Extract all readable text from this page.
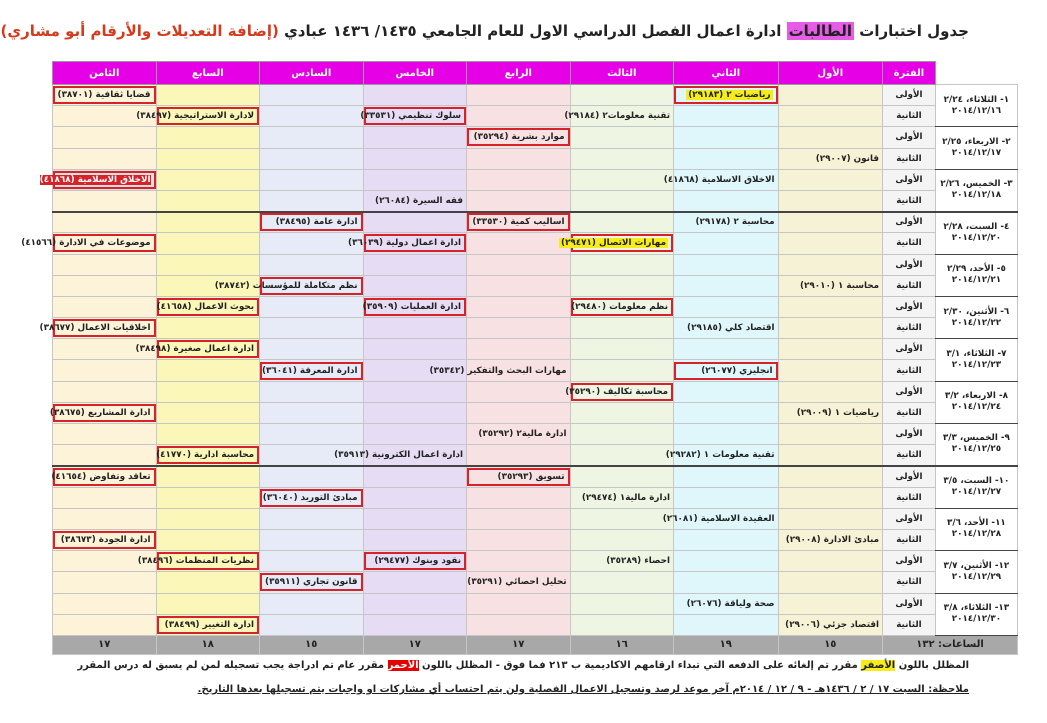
جدول اختبارات الطالبات ادارة اعمال الفصل الدراسي الاول للعام الجامعي ١٤٣٥/ ١٤٣٦ عبادي (إضافة التعديلات والأرقام أبو مشاري)
	الفترة	الأول	الثاني	الثالث	الرابع	الخامس	السادس	السابع	الثامن

١- الثلاثاء، ٢/٢٤
٢٠١٤/١٢/١٦	الأولى		رياضيات ٢ (٢٩١٨٣)						قضايا ثقافية (٣٨٧٠١)

	الثانية			تقنية معلومات٢ (٢٩١٨٤)		سلوك تنظيمي (٣٣٥٣١)		لادارة الاستراتيجية (٣٨٤٩٧)	

٢- الاربعاء، ٢/٢٥
٢٠١٤/١٢/١٧	الأولى				موارد بشرية (٣٥٢٩٤)				

	الثانية	قانون (٢٩٠٠٧)							

٣- الخميس، ٢/٢٦
٢٠١٤/١٢/١٨	الأولى		الاخلاق الاسلامية (٤١٨٦٨)						الاخلاق الاسلامية (٤١٨٦٨)

	الثانية					فقه السيرة (٢٦٠٨٤)			

٤- السبت، ٢/٢٨
٢٠١٤/١٢/٢٠	الأولى		محاسبة ٢ (٢٩١٧٨)		اساليب كمية (٣٣٥٣٠)		ادارة عامة (٣٨٤٩٥)		

	الثانية			مهارات الاتصال (٢٩٤٧١)		ادارة اعمال دولية (٣٦٠٣٩)			موضوعات في الادارة (٤١٥٦٦)

٥- الأحد، ٢/٢٩
٢٠١٤/١٢/٢١	الأولى								
	الثانية	محاسبة ١ (٢٩٠١٠)					نظم متكاملة للمؤسسات (٣٨٧٤٢)		

٦- الأثنين، ٢/٣٠
٢٠١٤/١٢/٢٢	الأولى			نظم معلومات (٢٩٤٨٠)		ادارة العمليات (٣٥٩٠٩)		بحوث الاعمال (٤١٦٥٨)	

	الثانية		اقتصاد كلي (٢٩١٨٥)						اخلاقيات الاعمال (٣٨٦٧٧)

٧- الثلاثاء، ٣/١
٢٠١٤/١٢/٢٣	الأولى							ادارة اعمال صغيرة (٣٨٤٩٨)	

	الثانية		انجليزي (٢٦٠٧٧)		مهارات البحث والتفكير (٣٥٣٤٢)		ادارة المعرفة (٣٦٠٤١)		

٨- الاربعاء، ٣/٢
٢٠١٤/١٢/٢٤	الأولى			محاسبة تكاليف (٣٥٢٩٠)					

	الثانية	رياضيات ١ (٢٩٠٠٩)							ادارة المشاريع (٣٨٦٧٥)

٩- الخميس، ٣/٣
٢٠١٤/١٢/٢٥	الأولى				ادارة مالية٢ (٣٥٢٩٢)				
	الثانية		تقنية معلومات ١ (٢٩٢٨٢)			ادارة اعمال الكترونية (٣٥٩١٣)		محاسبة ادارية (٤١٧٧٠)	

١٠- السبت، ٣/٥
٢٠١٤/١٢/٢٧	الأولى				تسويق (٣٥٢٩٣)				تعاقد وتفاوض (٤١٦٥٤)

	الثانية			ادارة مالية١ (٢٩٤٧٤)			مبادئ التوريد (٣٦٠٤٠)		

١١- الأحد، ٣/٦
٢٠١٤/١٢/٢٨	الأولى		العقيدة الاسلامية (٢٦٠٨١)						
	الثانية	مبادئ الادارة (٢٩٠٠٨)							ادارة الجودة (٣٨٦٧٣)

١٢- الأثنين، ٣/٧
٢٠١٤/١٢/٢٩	الأولى			احصاء (٣٥٢٨٩)		نقود وبنوك (٢٩٤٧٧)		نظريات المنظمات (٣٨٤٩٦)	

	الثانية				تحليل احصائي (٣٥٢٩١)		قانون تجاري (٣٥٩١١)		

١٣- الثلاثاء، ٣/٨
٢٠١٤/١٢/٣٠	الأولى		صحة ولياقة (٢٦٠٧٦)						
	الثانية	اقتصاد جزئي (٢٩٠٠٦)						ادارة التغيير (٣٨٤٩٩)	

الساعات: ١٣٢		١٥	١٩	١٦	١٧	١٧	١٥	١٨	١٧
المظلل باللون الأصفر مقرر تم إلغائه على الدفعه التي تبداء ارقامهم الاكاديمية ب ٢١٣ فما فوق - المظلل باللون الأحمر مقرر عام تم ادراجة يجب تسجيله لمن لم يسبق له درس المقرر
ملاحظة: السبت ١٧ / ٢ / ١٤٣٦هـ - ٩ / ١٢ / ٢٠١٤م آخر موعد لرصد وتسجيل الاعمال الفصلية ولن يتم احتساب أي مشاركات او واجبات يتم تسجيلها بعدها التاريخ.
